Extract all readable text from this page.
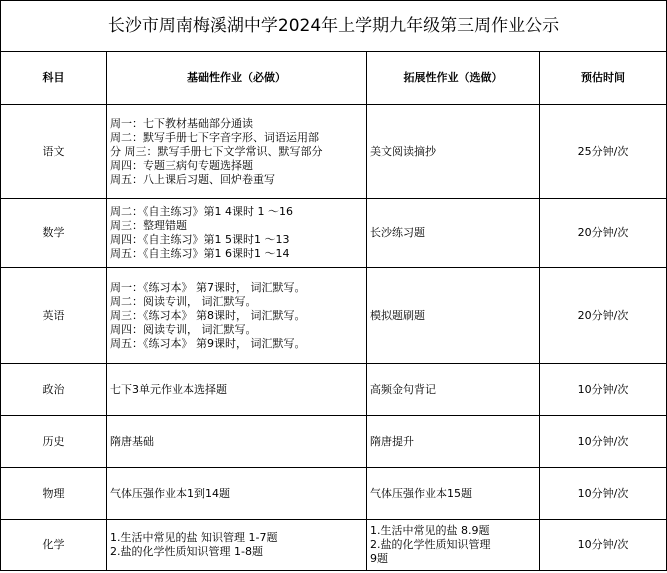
长沙市周南梅溪湖中学2024年上学期九年级第三周作业公示			
科目	基础性作业（必做）	拓展性作业（选做）	预估时间
语文	周一：七下教材基础部分通读
周二：默写手册七下字音字形、词语运用部
分 周三：默写手册七下文学常识、默写部分
周四：专题三病句专题选择题
周五：八上课后习题、回炉卷重写	美文阅读摘抄	25分钟/次
数学	周二：《自主练习》第1 4课时 1 ～16
周三：整理错题
周四：《自主练习》第1 5课时1 ～13
周五：《自主练习》第1 6课时1 ～14	长沙练习题	20分钟/次
英语	周一：《练习本》 第7课时， 词汇默写。
周二：阅读专训， 词汇默写。
周三：《练习本》 第8课时， 词汇默写。
周四：阅读专训， 词汇默写。
周五：《练习本》 第9课时， 词汇默写。	模拟题刷题	20分钟/次
政治	七下3单元作业本选择题	高频金句背记	10分钟/次
历史	隋唐基础	隋唐提升	10分钟/次
物理	气体压强作业本1到14题	气体压强作业本15题	10分钟/次
化学	1.生活中常见的盐 知识管理 1-7题
2.盐的化学性质知识管理 1-8题	1.生活中常见的盐 8.9题
2.盐的化学性质知识管理
9题	10分钟/次
